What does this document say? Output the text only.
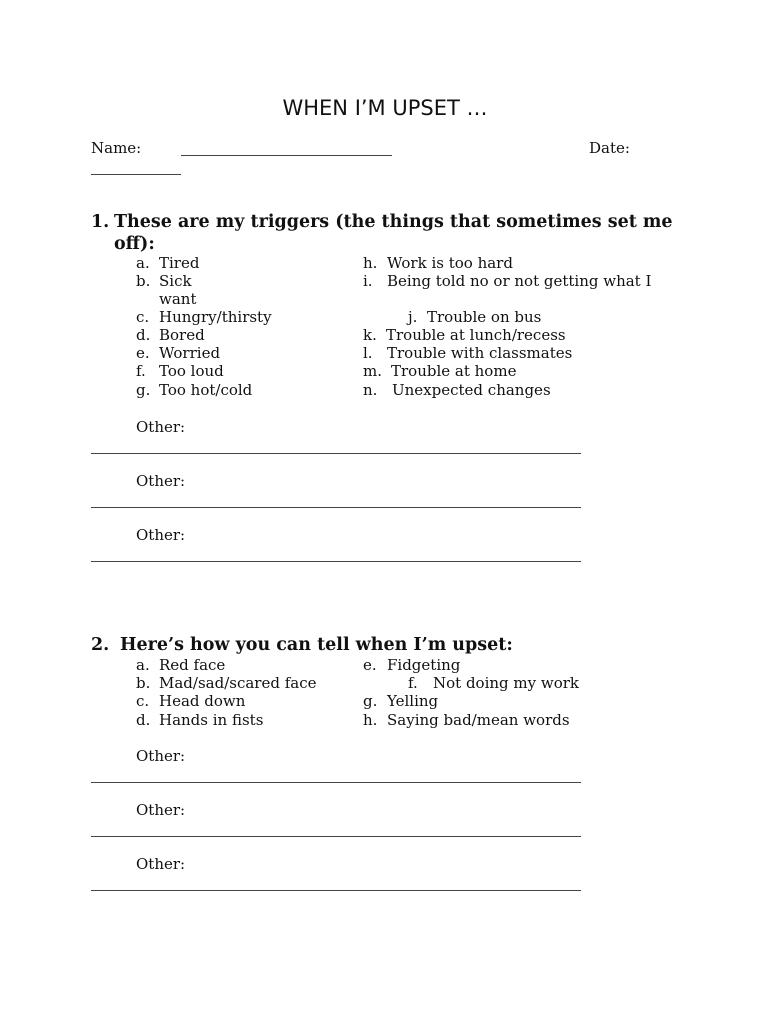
WHEN I’M UPSET …
Name:	Date:
1. These are my triggers (the things that sometimes set me
off):
a. Tired
b. Sick
want
c. Hungry/thirsty
d. Bored
e. Worried
f. Too loud
g. Too hot/cold
h. Work is too hard
i. Being told no or not getting what I
j. Trouble on bus
k. Trouble at lunch/recess
l. Trouble with classmates
m. Trouble at home
n. Unexpected changes
Other:
Other:
Other:
2. Here’s how you can tell when I’m upset:
a. Red face
b. Mad/sad/scared face
c. Head down
d. Hands in fists
e. Fidgeting
f. Not doing my work
g. Yelling
h. Saying bad/mean words
Other:
Other:
Other:
